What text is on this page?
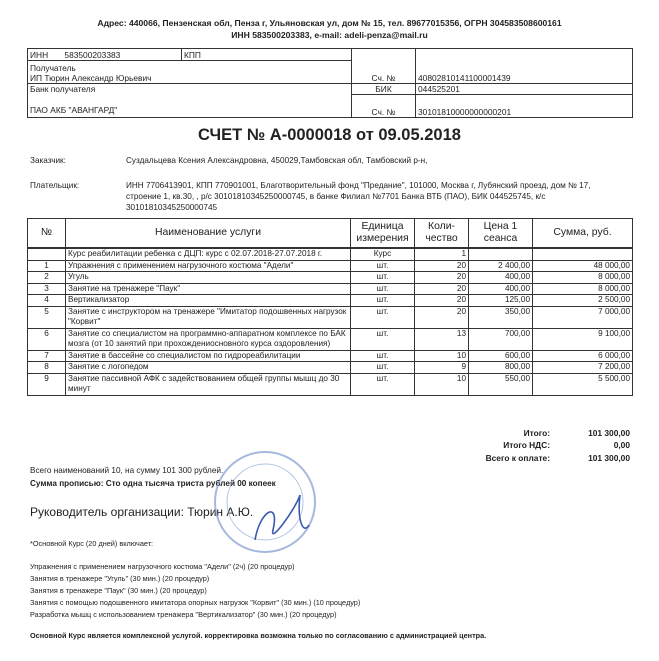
Адрес: 440066, Пензенская обл, Пенза г, Ульяновская ул, дом № 15, тел. 89677015356, ОГРН 304583508600161
ИНН 583500203383, e-mail: adeli-penza@mail.ru
ИНН 583500203383	КПП	Сч. №	40802810141100001439

Получатель
ИП Тюрин Александр Юрьевич			

Банк получателя
ПАО АКБ "АВАНГАРД"		БИК	044525201
		Сч. №	30101810000000000201
СЧЕТ № А-0000018 от 09.05.2018
Заказчик:	Суздальцева Ксения Александровна, 450029,Тамбовская обл, Тамбовский р-н,
Плательщик:	ИНН 7706413901, КПП 770901001, Благотворительный фонд "Предание", 101000, Москва г, Лубянский проезд, дом № 17, строение 1, кв.30, , р/с 30101810345250000745, в банке Филиал №7701 Банка ВТБ (ПАО), БИК 044525745, к/с 30101810345250000745
№	Наименование услуги	Единица измерения	Коли-чество	Цена 1 сеанса	Сумма, руб.
	Курс реабилитации ребенка с ДЦП: курс с 02.07.2018-27.07.2018 г.	Курс	1		
1	Упражнения с применением нагрузочного костюма "Адели"	шт.	20	2 400,00	48 000,00
2	Угуль	шт.	20	400,00	8 000,00
3	Занятие на тренажере "Паук"	шт.	20	400,00	8 000,00
4	Вертикализатор	шт.	20	125,00	2 500,00
5	Занятие с инструктором на тренажере "Имитатор подошвенных нагрузок "Корвит"	шт.	20	350,00	7 000,00
6	Занятие со специалистом на программно-аппаратном комплексе по БАК мозга (от 10 занятий при прохождениоснoвного курса оздоровления)	шт.	13	700,00	9 100,00
7	Занятие в бассейне со специалистом по гидрореабилитации	шт.	10	600,00	6 000,00
8	Занятие с логопедом	шт.	9	800,00	7 200,00
9	Занятие пассивной АФК с задействованием общей группы мышц до 30 минут	шт.	10	550,00	5 500,00
Итого:	101 300,00
Итого НДС:	0,00
Всего к оплате:	101 300,00
Всего наименований 10, на сумму 101 300 рублей.
Сумма прописью: Сто одна тысяча триста рублей 00 копеек
Руководитель организации: Тюрин А.Ю.
*Основной Курс (20 дней) включает:
Упражнения с применением нагрузочного костюма "Адели" (2ч) (20 процедур)
Занятия в тренажере "Угуль" (30 мин.) (20 процедур)
Занятия в тренажере "Паук" (30 мин.) (20 процедур)
Занятия с помощью подошвенного имитатора опорных нагрузок "Корвит" (30 мин.) (10 процедур)
Разработка мышц с использованием тренажера "Вертикализатор" (30 мин.) (20 процедур)
Основной Курс является комплексной услугой. корректировка возможна только по согласованию с администрацией центра.
